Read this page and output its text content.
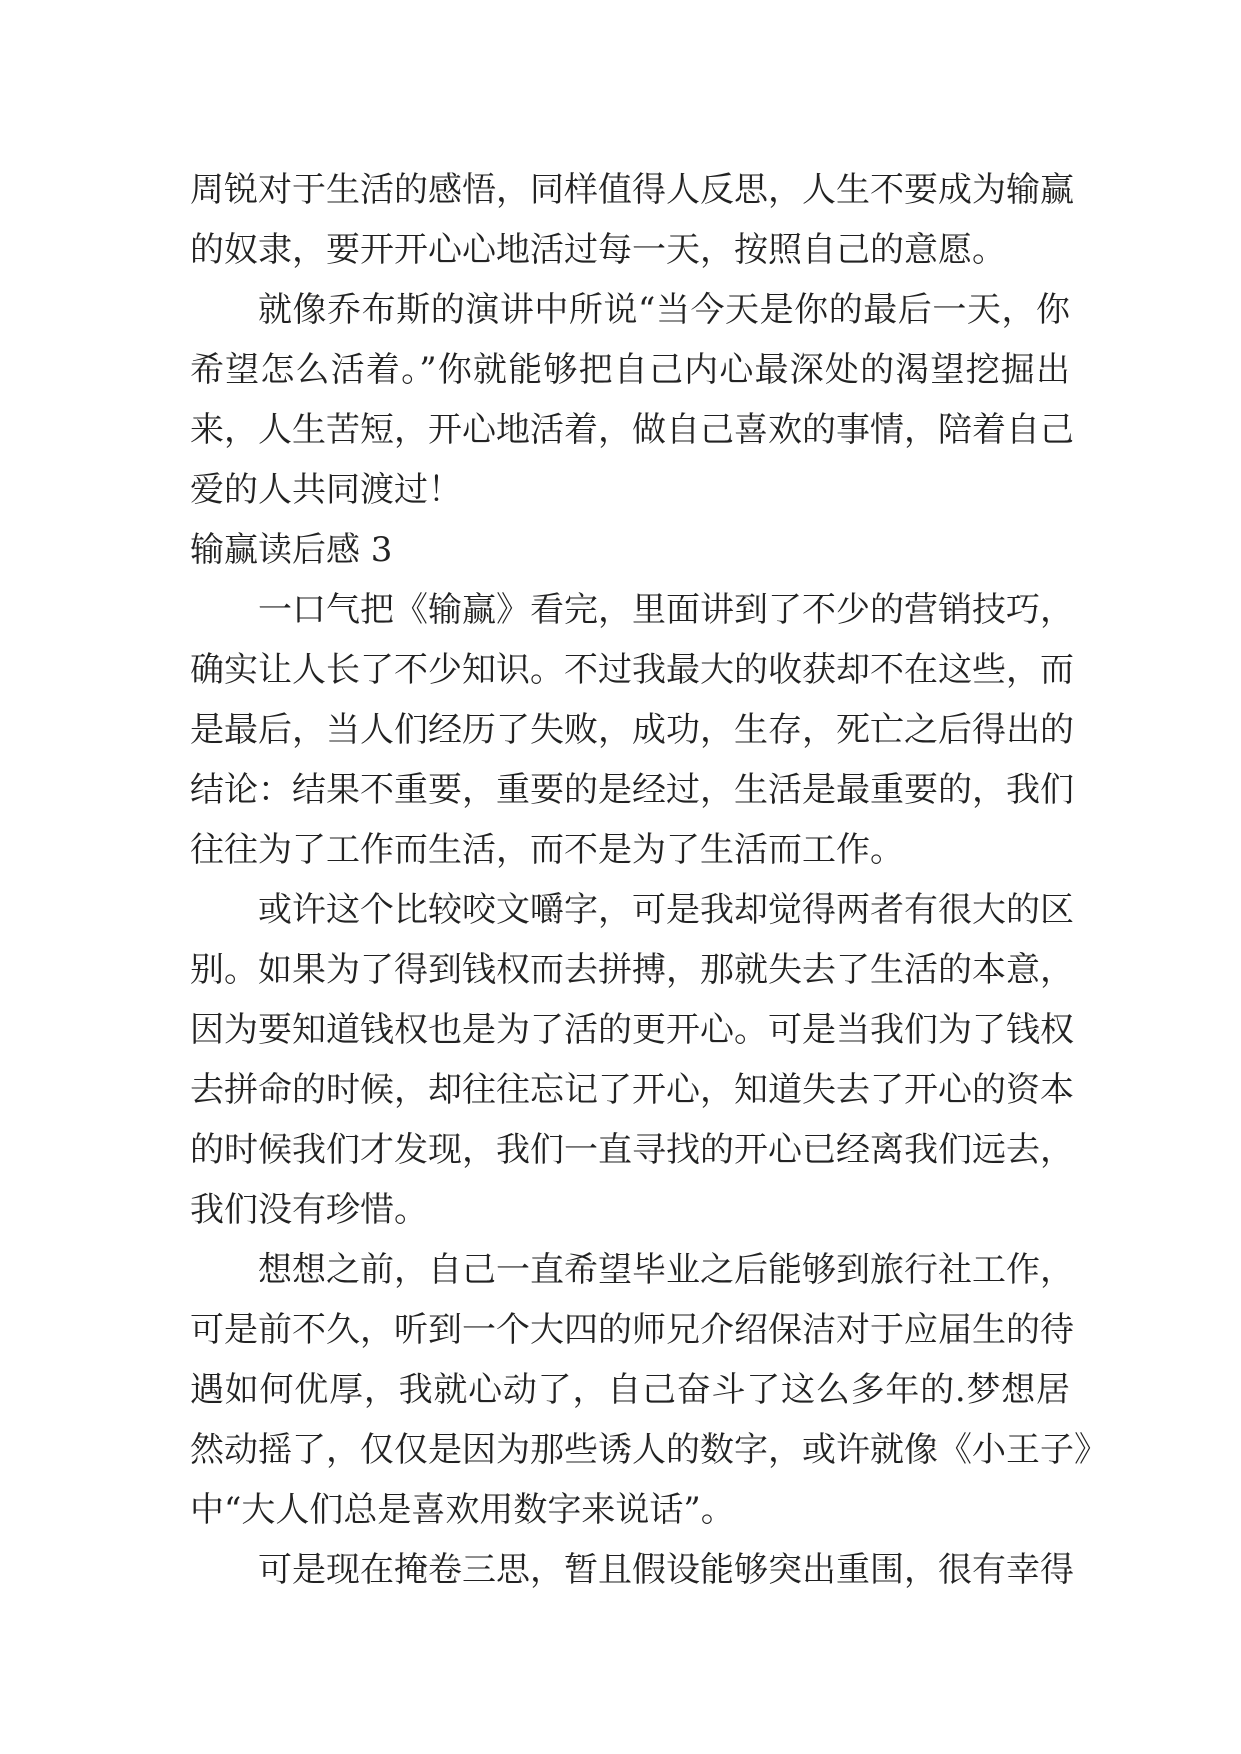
周锐对于生活的感悟，同样值得人反思，人生不要成为输赢
的奴隶，要开开心心地活过每一天，按照自己的意愿。
就像乔布斯的演讲中所说“当今天是你的最后一天，你
希望怎么活着。”你就能够把自己内心最深处的渴望挖掘出
来，人生苦短，开心地活着，做自己喜欢的事情，陪着自己
爱的人共同渡过！
输赢读后感 3
一口气把《输赢》看完，里面讲到了不少的营销技巧，
确实让人长了不少知识。不过我最大的收获却不在这些，而
是最后，当人们经历了失败，成功，生存，死亡之后得出的
结论：结果不重要，重要的是经过，生活是最重要的，我们
往往为了工作而生活，而不是为了生活而工作。
或许这个比较咬文嚼字，可是我却觉得两者有很大的区
别。如果为了得到钱权而去拼搏，那就失去了生活的本意，
因为要知道钱权也是为了活的更开心。可是当我们为了钱权
去拼命的时候，却往往忘记了开心，知道失去了开心的资本
的时候我们才发现，我们一直寻找的开心已经离我们远去，
我们没有珍惜。
想想之前，自己一直希望毕业之后能够到旅行社工作，
可是前不久，听到一个大四的师兄介绍保洁对于应届生的待
遇如何优厚，我就心动了，自己奋斗了这么多年的.梦想居
然动摇了，仅仅是因为那些诱人的数字，或许就像《小王子》
中“大人们总是喜欢用数字来说话”。
可是现在掩卷三思，暂且假设能够突出重围，很有幸得
